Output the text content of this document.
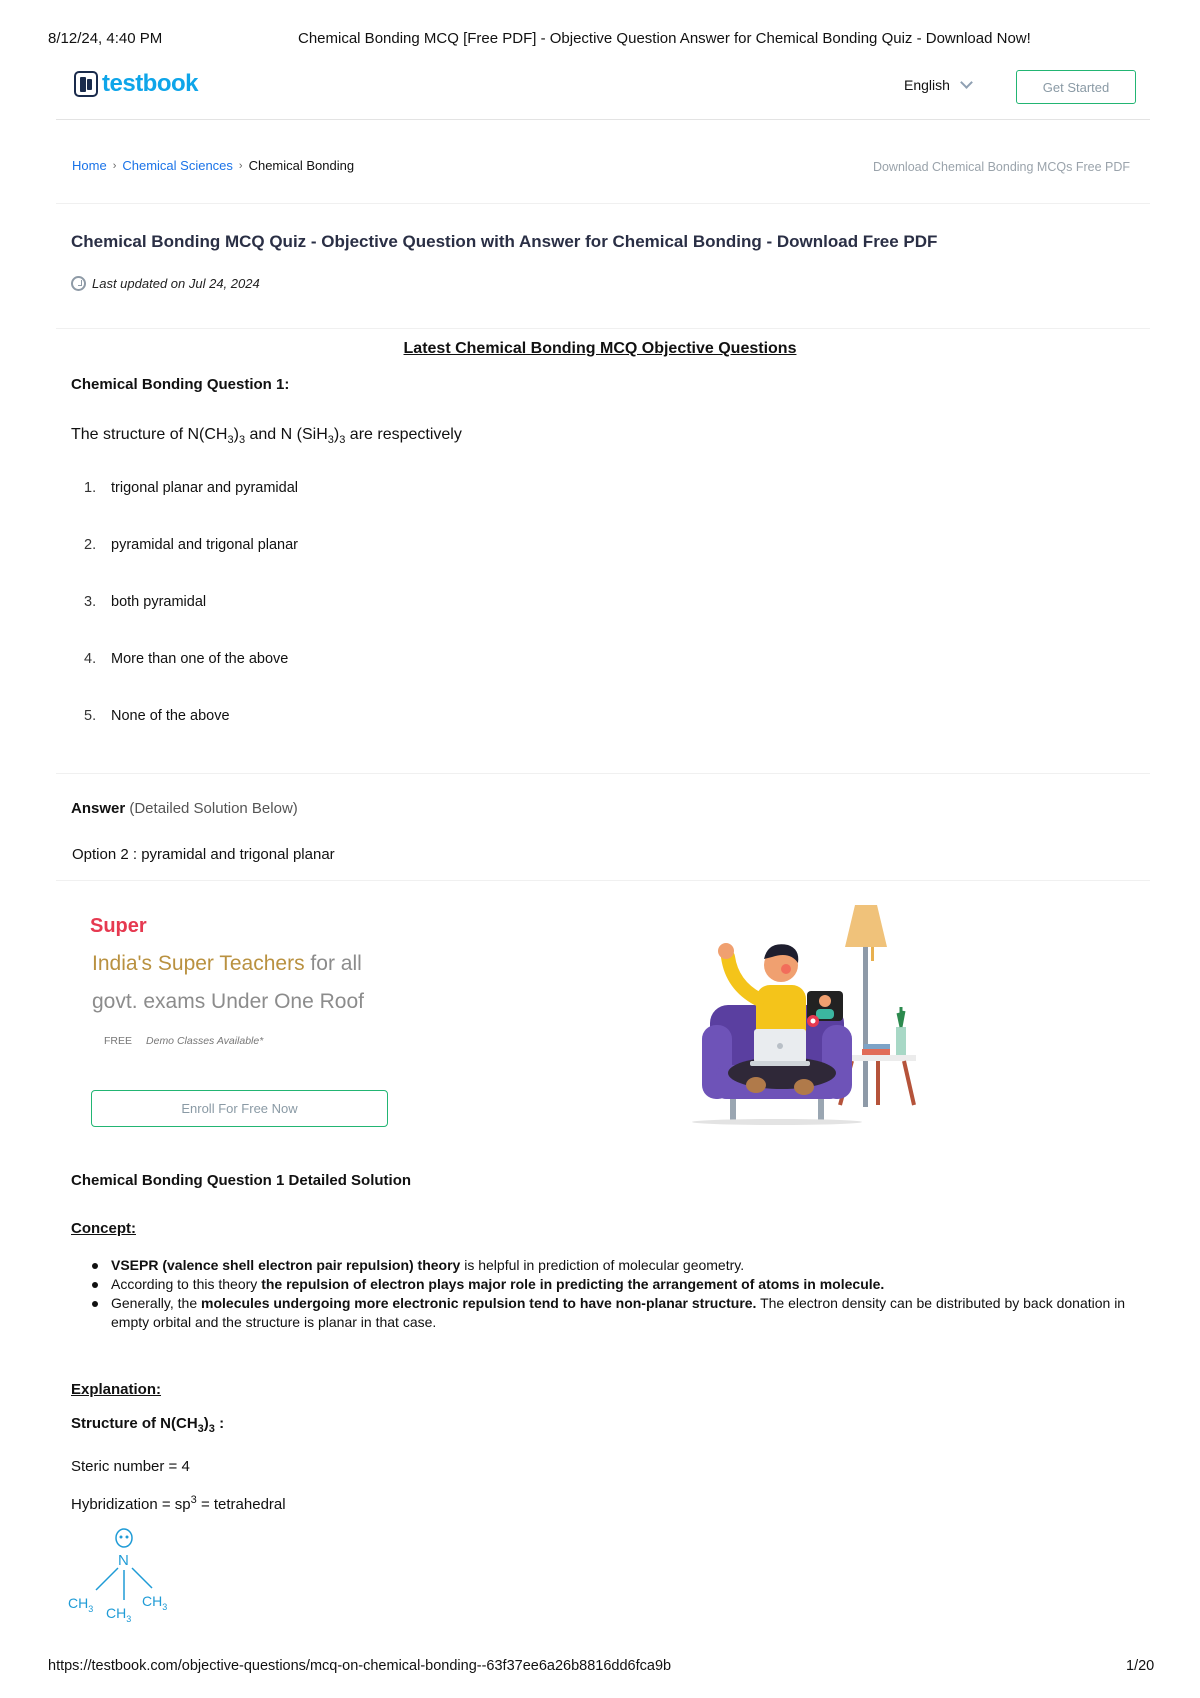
8/12/24, 4:40 PM	Chemical Bonding MCQ [Free PDF] - Objective Question Answer for Chemical Bonding Quiz - Download Now!
testbook	English	Get Started
Home › Chemical Sciences › Chemical Bonding	Download Chemical Bonding MCQs Free PDF
Chemical Bonding MCQ Quiz - Objective Question with Answer for Chemical Bonding - Download Free PDF
Last updated on Jul 24, 2024
Latest Chemical Bonding MCQ Objective Questions
Chemical Bonding Question 1:
The structure of $N(CH_3)_3$ and N $(SiH_3)_3$ are respectively
1.	trigonal planar and pyramidal
2.	pyramidal and trigonal planar
3.	both pyramidal
4.	More than one of the above
5.	None of the above
Answer (Detailed Solution Below)
Option 2 : pyramidal and trigonal planar
Super
India's Super Teachers for all
govt. exams Under One Roof
FREE Demo Classes Available*
Enroll For Free Now
Chemical Bonding Question 1 Detailed Solution
Concept:
VSEPR (valence shell electron pair repulsion) theory is helpful in prediction of molecular geometry.
According to this theory the repulsion of electron plays major role in predicting the arrangement of atoms in molecule.
Generally, the molecules undergoing more electronic repulsion tend to have non-planar structure. The electron density can be distributed by back donation in empty orbital and the structure is planar in that case.
Explanation:
Structure of $N(CH_3)_3$ :
Steric number = 4
Hybridization = $sp^3$ = tetrahedral
N
$CH_3$	$CH_3$
$CH_3$
https://testbook.com/objective-questions/mcq-on-chemical-bonding--63f37ee6a26b8816dd6fca9b	1/20
